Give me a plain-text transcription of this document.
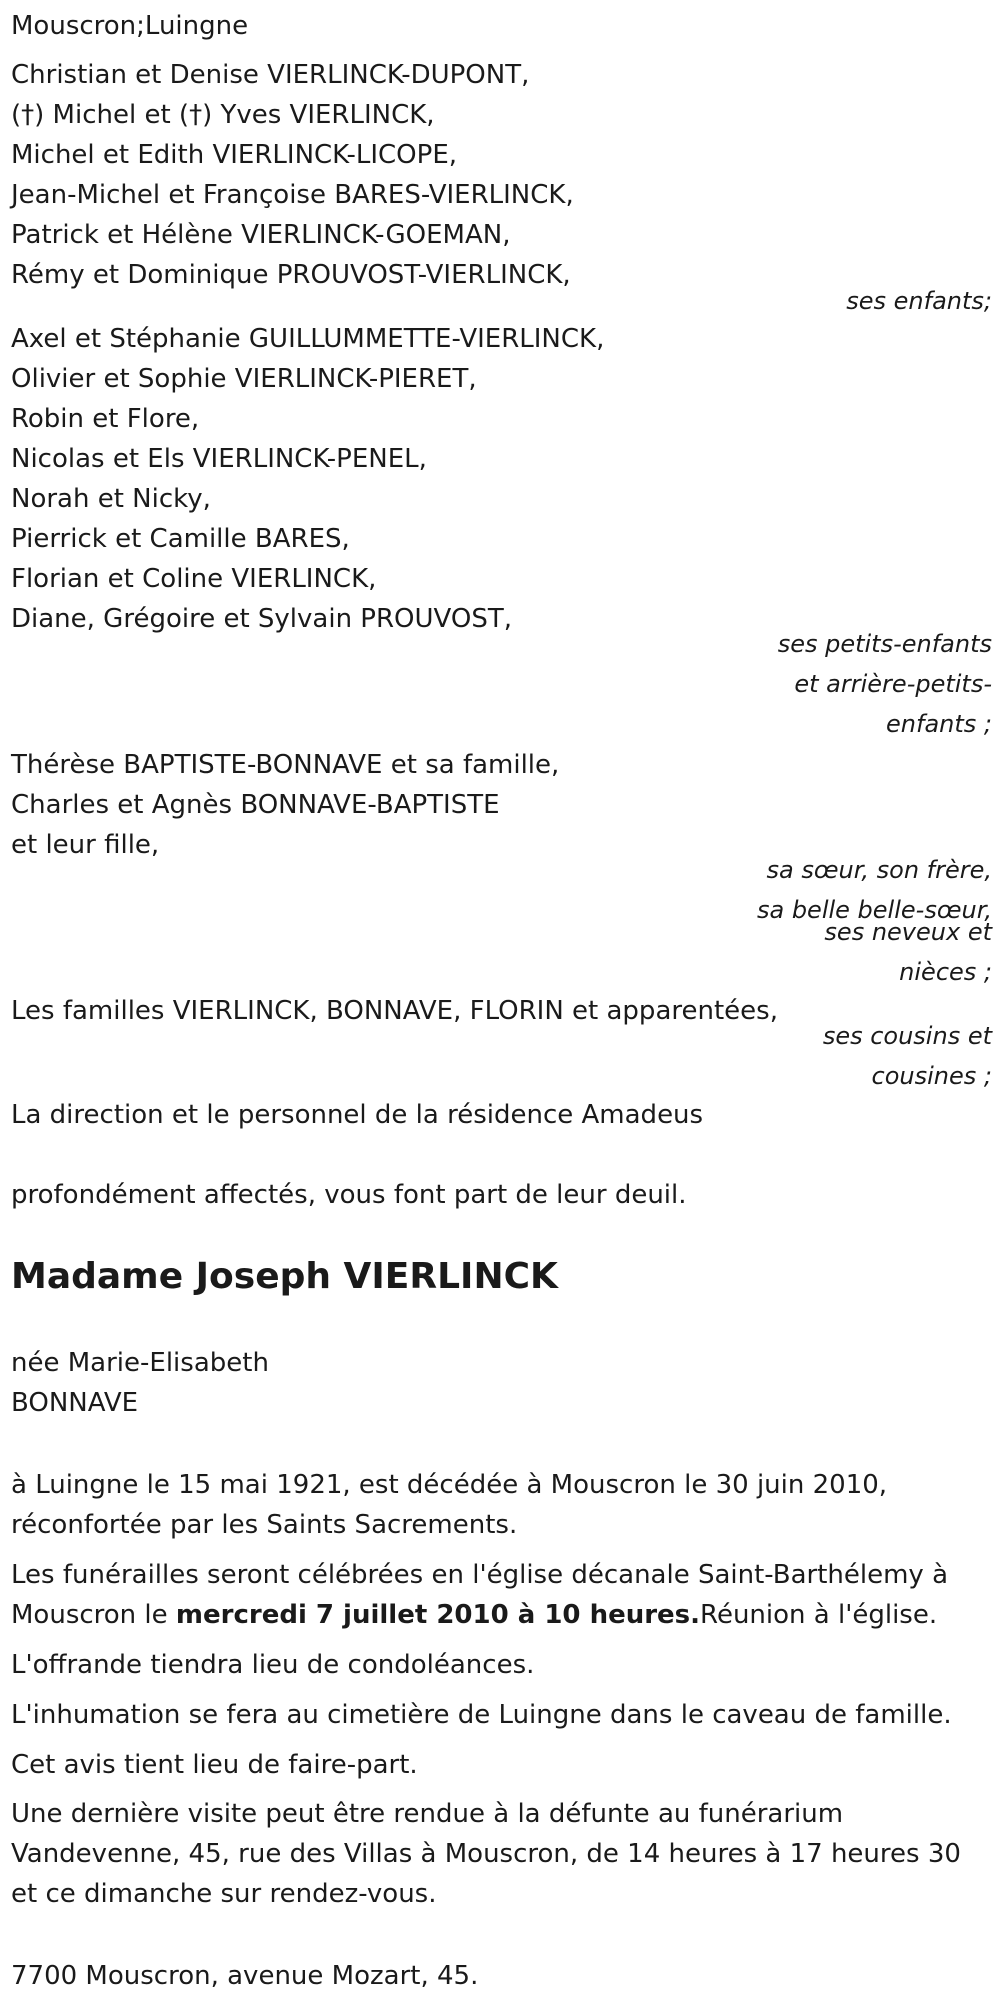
Mouscron;Luingne
Christian et Denise VIERLINCK-DUPONT,
(†) Michel et (†) Yves VIERLINCK,
Michel et Edith VIERLINCK-LICOPE,
Jean-Michel et Françoise BARES-VIERLINCK,
Patrick et Hélène VIERLINCK-GOEMAN,
Rémy et Dominique PROUVOST-VIERLINCK,
ses enfants;
Axel et Stéphanie GUILLUMMETTE-VIERLINCK,
Olivier et Sophie VIERLINCK-PIERET,
Robin et Flore,
Nicolas et Els VIERLINCK-PENEL,
Norah et Nicky,
Pierrick et Camille BARES,
Florian et Coline VIERLINCK,
Diane, Grégoire et Sylvain PROUVOST,
ses petits-enfants
et arrière-petits-
enfants ;
Thérèse BAPTISTE-BONNAVE et sa famille,
Charles et Agnès BONNAVE-BAPTISTE
et leur fille,
sa sœur, son frère,
sa belle belle-sœur,
ses neveux et
nièces ;
Les familles VIERLINCK, BONNAVE, FLORIN et apparentées,
ses cousins et
cousines ;
La direction et le personnel de la résidence Amadeus
profondément affectés, vous font part de leur deuil.
Madame Joseph VIERLINCK
née Marie-Elisabeth
BONNAVE
à Luingne le 15 mai 1921, est décédée à Mouscron le 30 juin 2010,
réconfortée par les Saints Sacrements.
Les funérailles seront célébrées en l'église décanale Saint-Barthélemy à
Mouscron le mercredi 7 juillet 2010 à 10 heures.Réunion à l'église.
L'offrande tiendra lieu de condoléances.
L'inhumation se fera au cimetière de Luingne dans le caveau de famille.
Cet avis tient lieu de faire-part.
Une dernière visite peut être rendue à la défunte au funérarium
Vandevenne, 45, rue des Villas à Mouscron, de 14 heures à 17 heures 30
et ce dimanche sur rendez-vous.
7700 Mouscron, avenue Mozart, 45.
